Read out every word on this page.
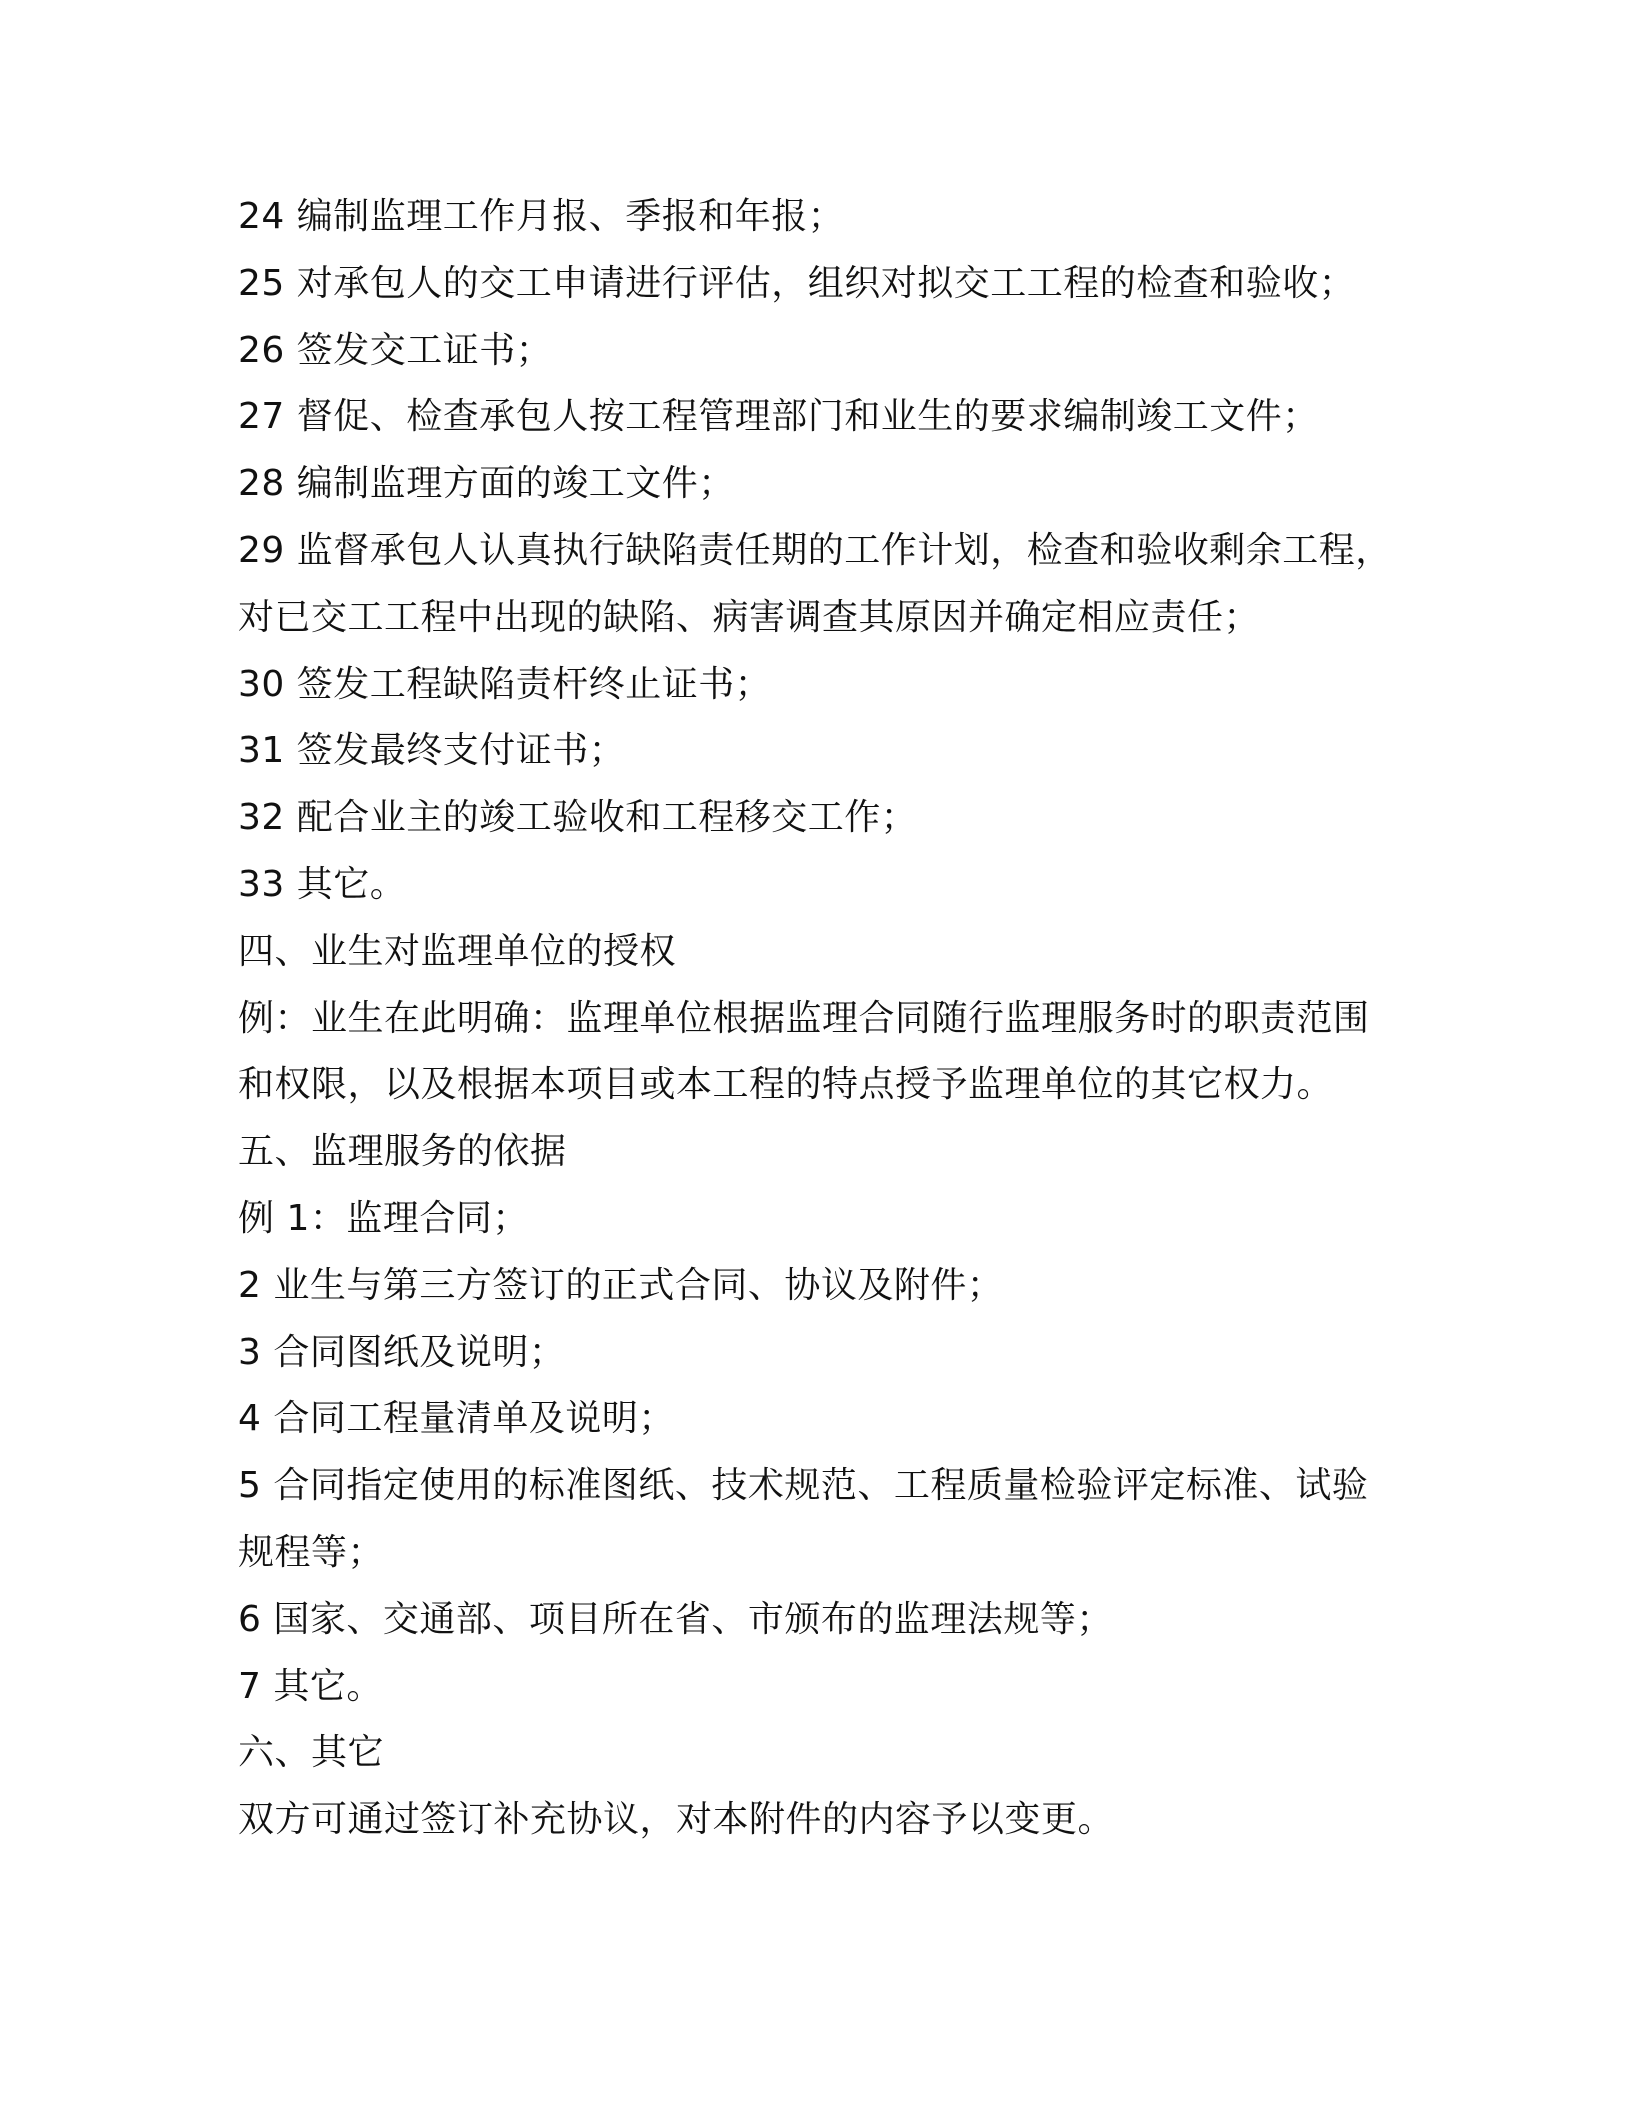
24 编制监理工作月报、季报和年报；
25 对承包人的交工申请进行评估，组织对拟交工工程的检查和验收；
26 签发交工证书；
27 督促、检查承包人按工程管理部门和业生的要求编制竣工文件；
28 编制监理方面的竣工文件；
29 监督承包人认真执行缺陷责任期的工作计划，检查和验收剩余工程，
对已交工工程中出现的缺陷、病害调查其原因并确定相应责任；
30 签发工程缺陷责杆终止证书；
31 签发最终支付证书；
32 配合业主的竣工验收和工程移交工作；
33 其它。
四、业生对监理单位的授权
例：业生在此明确：监理单位根据监理合同随行监理服务时的职责范围
和权限，以及根据本项目或本工程的特点授予监理单位的其它权力。
五、监理服务的依据
例 1：监理合同；
2 业生与第三方签订的正式合同、协议及附件；
3 合同图纸及说明；
4 合同工程量清单及说明；
5 合同指定使用的标准图纸、技术规范、工程质量检验评定标准、试验
规程等；
6 国家、交通部、项目所在省、市颁布的监理法规等；
7 其它。
六、其它
双方可通过签订补充协议，对本附件的内容予以变更。
